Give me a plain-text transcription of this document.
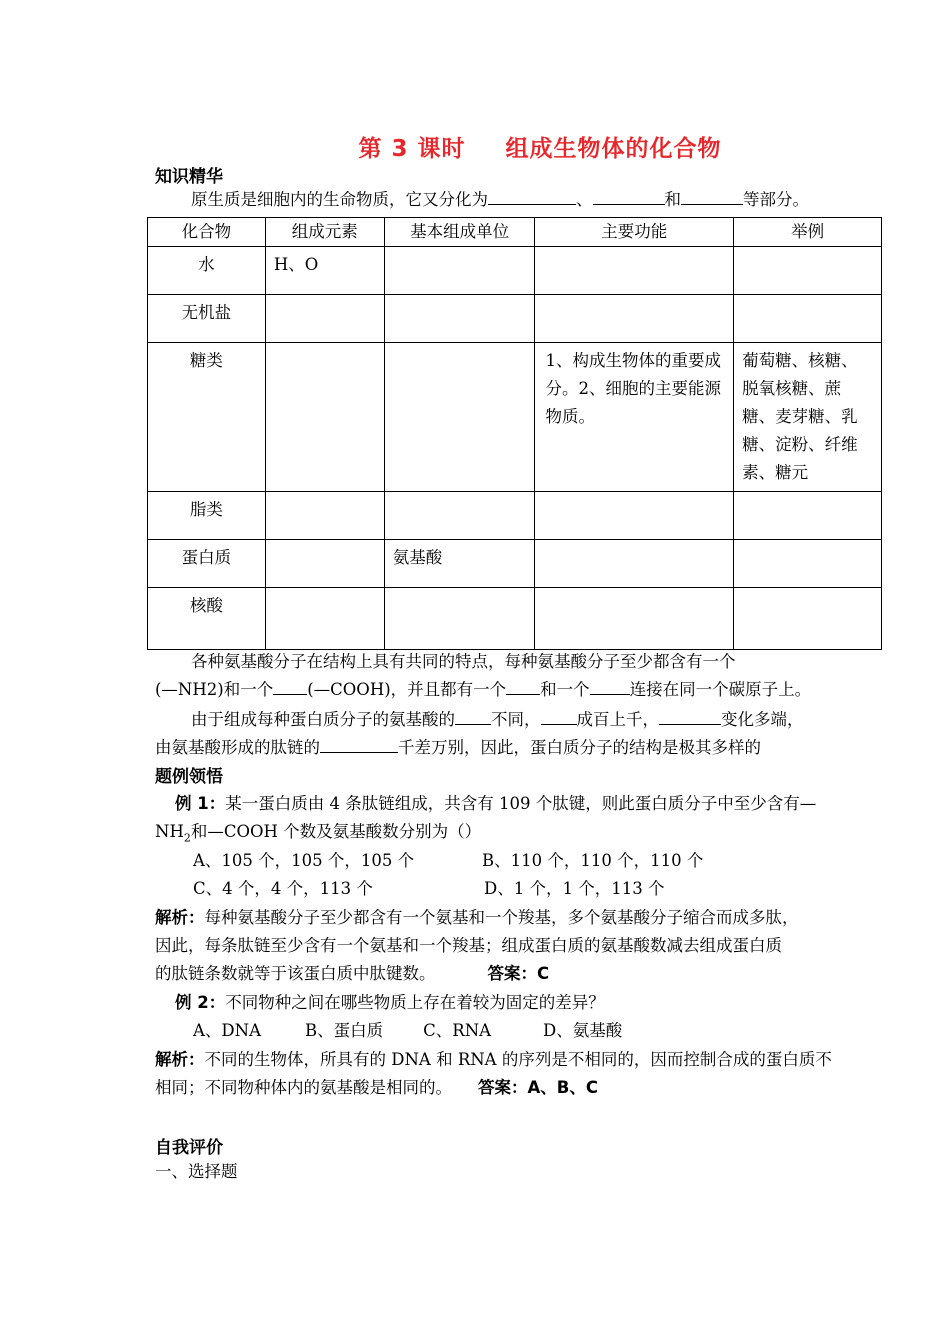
第 3 课时 组成生物体的化合物
知识精华
原生质是细胞内的生命物质，它又分化为	、	和	等部分。
化合物	组成元素	基本组成单位	主要功能	举例
水	H、O			
无机盐				
糖类			1、构成生物体的重要成分。2、细胞的主要能源物质。	葡萄糖、核糖、脱氧核糖、蔗糖、麦芽糖、乳糖、淀粉、纤维素、糖元
脂类				
蛋白质		氨基酸		
核酸				
各种氨基酸分子在结构上具有共同的特点，每种氨基酸分子至少都含有一个
(—NH2)和一个 (—COOH)，并且都有一个 和一个 连接在同一个碳原子上。
由于组成每种蛋白质分子的氨基酸的 不同， 成百上千，	变化多端，
由氨基酸形成的肽链的	千差万别，因此，蛋白质分子的结构是极其多样的
题例领悟
例 1：某一蛋白质由 4 条肽链组成，共含有 109 个肽键，则此蛋白质分子中至少含有—
$NH_2$和—COOH 个数及氨基酸数分别为（）
A、105 个，105 个，105 个	B、110 个，110 个，110 个
C、4 个，4 个，113 个	D、1 个，1 个，113 个
解析：每种氨基酸分子至少都含有一个氨基和一个羧基，多个氨基酸分子缩合而成多肽，
因此，每条肽链至少含有一个氨基和一个羧基；组成蛋白质的氨基酸数减去组成蛋白质
的肽链条数就等于该蛋白质中肽键数。	答案：C
例 2：不同物种之间在哪些物质上存在着较为固定的差异？
A、DNA	B、蛋白质 C、RNA	D、氨基酸
解析：不同的生物体，所具有的 DNA 和 RNA 的序列是不相同的，因而控制合成的蛋白质不
相同；不同物种体内的氨基酸是相同的。 答案：A、B、C
自我评价
一、选择题
